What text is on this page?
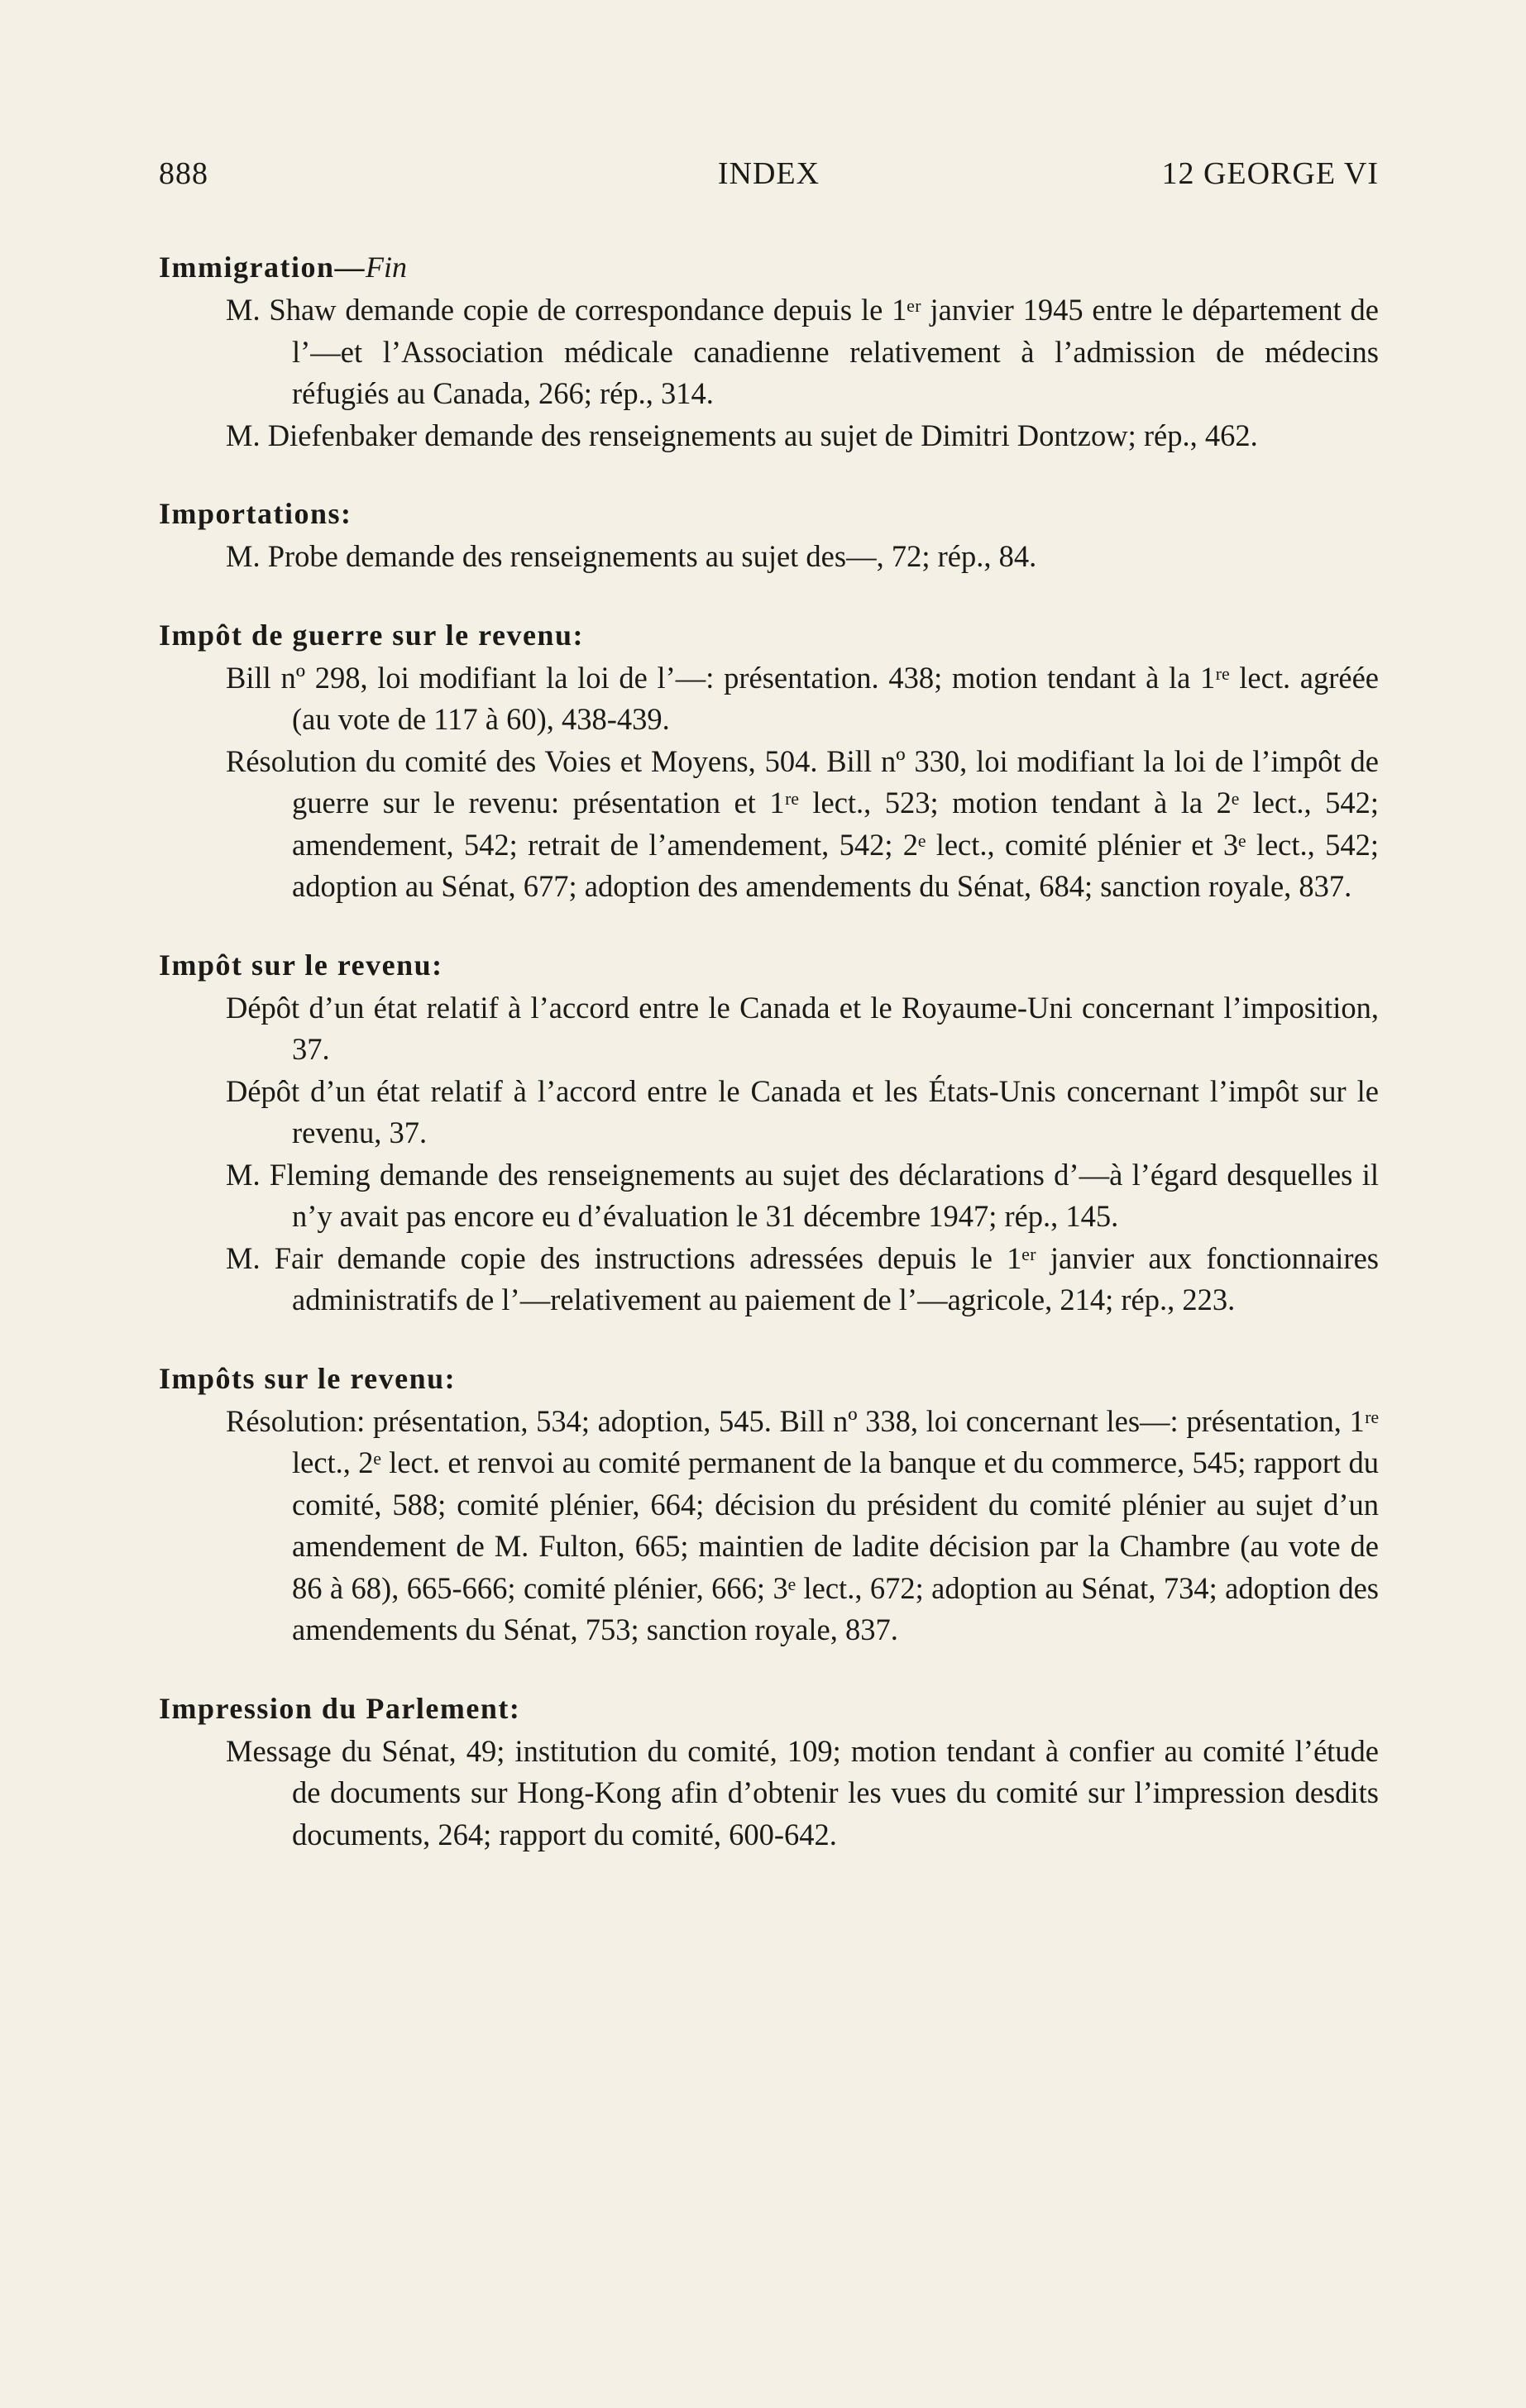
888	INDEX	12 GEORGE VI

Immigration—Fin

M. Shaw demande copie de correspondance depuis le 1ᵉʳ janvier 1945 entre le département de l’—et l’Association médicale canadienne relativement à l’admission de médecins réfugiés au Canada, 266; rép., 314.

M. Diefenbaker demande des renseignements au sujet de Dimitri Dontzow; rép., 462.

Importations:

M. Probe demande des renseignements au sujet des—, 72; rép., 84.

Impôt de guerre sur le revenu:

Bill nº 298, loi modifiant la loi de l’—: présentation. 438; motion tendant à la 1ʳᵉ lect. agréée (au vote de 117 à 60), 438-439.

Résolution du comité des Voies et Moyens, 504. Bill nº 330, loi modifiant la loi de l’impôt de guerre sur le revenu: présentation et 1ʳᵉ lect., 523; motion tendant à la 2ᵉ lect., 542; amendement, 542; retrait de l’amendement, 542; 2ᵉ lect., comité plénier et 3ᵉ lect., 542; adoption au Sénat, 677; adoption des amendements du Sénat, 684; sanction royale, 837.

Impôt sur le revenu:

Dépôt d’un état relatif à l’accord entre le Canada et le Royaume-Uni concernant l’imposition, 37.

Dépôt d’un état relatif à l’accord entre le Canada et les États-Unis concernant l’impôt sur le revenu, 37.

M. Fleming demande des renseignements au sujet des déclarations d’—à l’égard desquelles il n’y avait pas encore eu d’évaluation le 31 décembre 1947; rép., 145.

M. Fair demande copie des instructions adressées depuis le 1ᵉʳ janvier aux fonctionnaires administratifs de l’—relativement au paiement de l’—agricole, 214; rép., 223.

Impôts sur le revenu:

Résolution: présentation, 534; adoption, 545. Bill nº 338, loi concernant les—: présentation, 1ʳᵉ lect., 2ᵉ lect. et renvoi au comité permanent de la banque et du commerce, 545; rapport du comité, 588; comité plénier, 664; décision du président du comité plénier au sujet d’un amendement de M. Fulton, 665; maintien de ladite décision par la Chambre (au vote de 86 à 68), 665-666; comité plénier, 666; 3ᵉ lect., 672; adoption au Sénat, 734; adoption des amendements du Sénat, 753; sanction royale, 837.

Impression du Parlement:

Message du Sénat, 49; institution du comité, 109; motion tendant à confier au comité l’étude de documents sur Hong-Kong afin d’obtenir les vues du comité sur l’impression desdits documents, 264; rapport du comité, 600-642.
